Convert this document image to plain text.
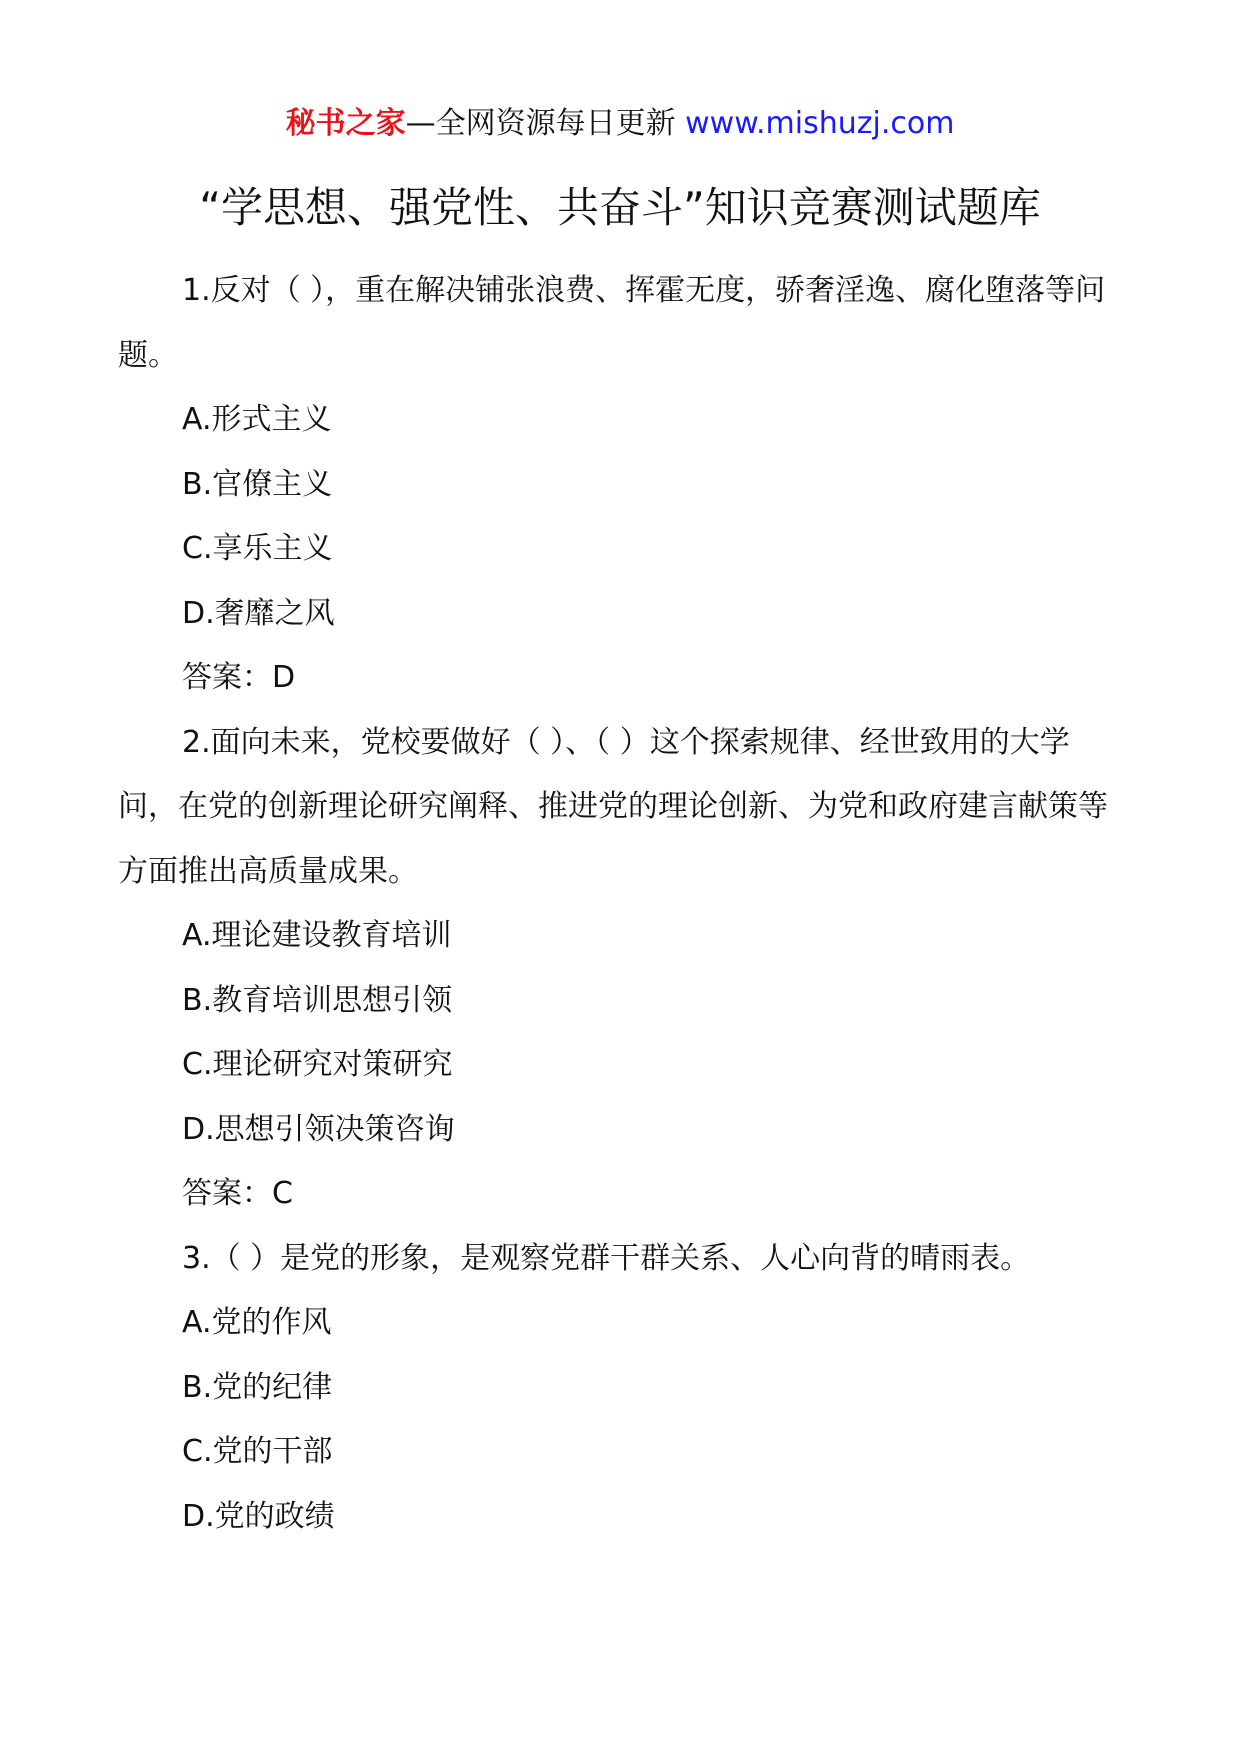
秘书之家—全网资源每日更新 www.mishuzj.com
“学思想、强党性、共奋斗”知识竞赛测试题库

1.反对（ ），重在解决铺张浪费、挥霍无度，骄奢淫逸、腐化堕落等问题。

A.形式主义

B.官僚主义

C.享乐主义

D.奢靡之风

答案：D

2.面向未来，党校要做好（ ）、（ ）这个探索规律、经世致用的大学问，在党的创新理论研究阐释、推进党的理论创新、为党和政府建言献策等方面推出高质量成果。

A.理论建设教育培训

B.教育培训思想引领

C.理论研究对策研究

D.思想引领决策咨询

答案：C

3.（ ）是党的形象，是观察党群干群关系、人心向背的晴雨表。

A.党的作风

B.党的纪律

C.党的干部

D.党的政绩
